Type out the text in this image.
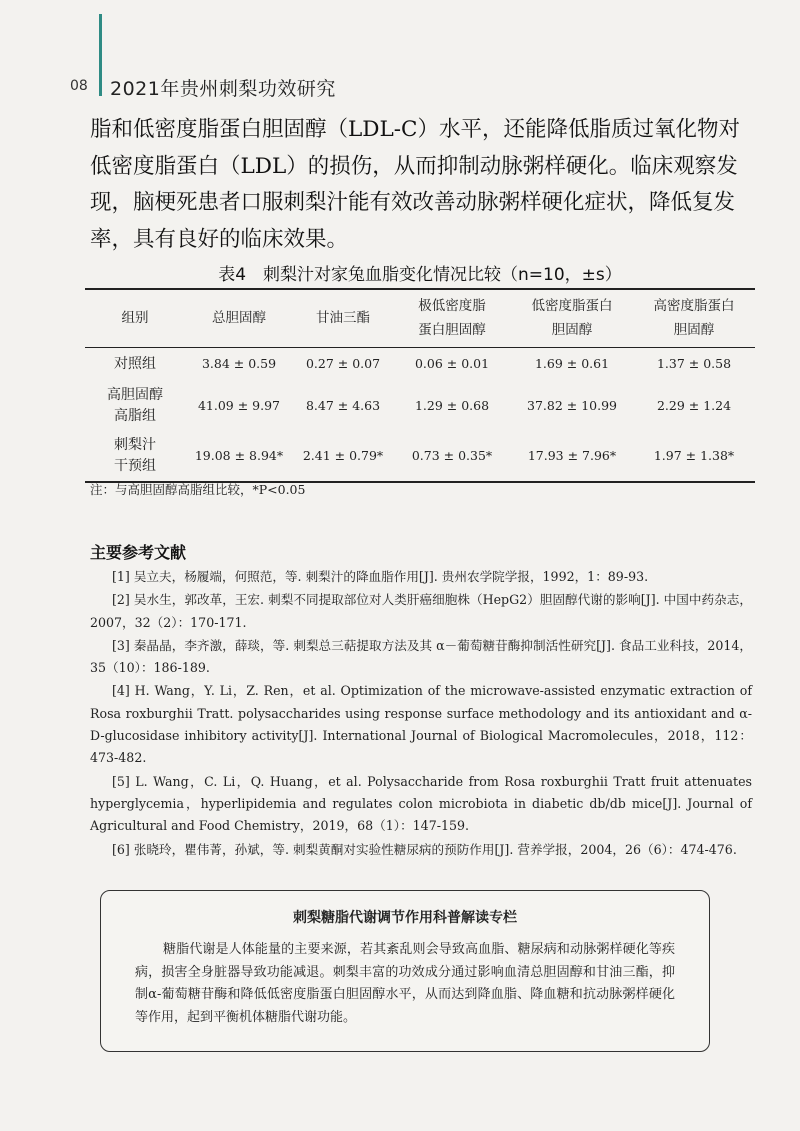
08 2021年贵州刺梨功效研究

脂和低密度脂蛋白胆固醇（LDL-C）水平，还能降低脂质过氧化物对低密度脂蛋白（LDL）的损伤，从而抑制动脉粥样硬化。临床观察发现，脑梗死患者口服刺梨汁能有效改善动脉粥样硬化症状，降低复发率，具有良好的临床效果。

表4　刺梨汁对家兔血脂变化情况比较（n=10，±s）
组别	总胆固醇	甘油三酯	极低密度脂蛋白胆固醇	低密度脂蛋白胆固醇	高密度脂蛋白胆固醇
对照组	3.84 ± 0.59	0.27 ± 0.07	0.06 ± 0.01	1.69 ± 0.61	1.37 ± 0.58
高胆固醇高脂组	41.09 ± 9.97	8.47 ± 4.63	1.29 ± 0.68	37.82 ± 10.99	2.29 ± 1.24
刺梨汁干预组	19.08 ± 8.94*	2.41 ± 0.79*	0.73 ± 0.35*	17.93 ± 7.96*	1.97 ± 1.38*
注：与高胆固醇高脂组比较，*P<0.05
主要参考文献

[1] 吴立夫，杨履端，何照范，等. 刺梨汁的降血脂作用[J]. 贵州农学院学报，1992，1：89-93.

[2] 吴水生，郭改革，王宏. 刺梨不同提取部位对人类肝癌细胞株（HepG2）胆固醇代谢的影响[J]. 中国中药杂志，2007，32（2）：170-171.

[3] 秦晶晶，李齐激，薛琰，等. 刺梨总三萜提取方法及其 α－葡萄糖苷酶抑制活性研究[J]. 食品工业科技，2014，35（10）：186-189.

[4] H. Wang，Y. Li，Z. Ren，et al. Optimization of the microwave-assisted enzymatic extraction of Rosa roxburghii Tratt. polysaccharides using response surface methodology and its antioxidant and α-D-glucosidase inhibitory activity[J]. International Journal of Biological Macromolecules，2018，112：473-482.

[5] L. Wang，C. Li，Q. Huang，et al. Polysaccharide from Rosa roxburghii Tratt fruit attenuates hyperglycemia，hyperlipidemia and regulates colon microbiota in diabetic db/db mice[J]. Journal of Agricultural and Food Chemistry，2019，68（1）：147-159.

[6] 张晓玲，瞿伟菁，孙斌，等. 刺梨黄酮对实验性糖尿病的预防作用[J]. 营养学报，2004，26（6）：474-476.

刺梨糖脂代谢调节作用科普解读专栏

糖脂代谢是人体能量的主要来源，若其紊乱则会导致高血脂、糖尿病和动脉粥样硬化等疾病，损害全身脏器导致功能减退。刺梨丰富的功效成分通过影响血清总胆固醇和甘油三酯，抑制α-葡萄糖苷酶和降低低密度脂蛋白胆固醇水平，从而达到降血脂、降血糖和抗动脉粥样硬化等作用，起到平衡机体糖脂代谢功能。
